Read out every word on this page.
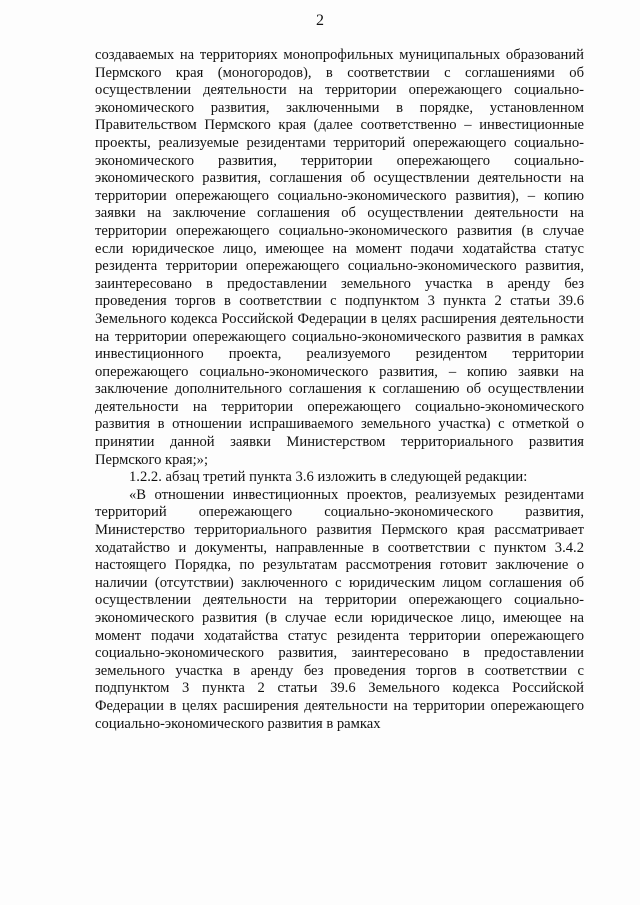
2

создаваемых на территориях монопрофильных муниципальных образований Пермского края (моногородов), в соответствии с соглашениями об осуществлении деятельности на территории опережающего социально-экономического развития, заключенными в порядке, установленном Правительством Пермского края (далее соответственно – инвестиционные проекты, реализуемые резидентами территорий опережающего социально-экономического развития, территории опережающего социально-экономического развития, соглашения об осуществлении деятельности на территории опережающего социально-экономического развития), – копию заявки на заключение соглашения об осуществлении деятельности на территории опережающего социально-экономического развития (в случае если юридическое лицо, имеющее на момент подачи ходатайства статус резидента территории опережающего социально-экономического развития, заинтересовано в предоставлении земельного участка в аренду без проведения торгов в соответствии с подпунктом 3 пункта 2 статьи 39.6 Земельного кодекса Российской Федерации в целях расширения деятельности на территории опережающего социально-экономического развития в рамках инвестиционного проекта, реализуемого резидентом территории опережающего социально-экономического развития, – копию заявки на заключение дополнительного соглашения к соглашению об осуществлении деятельности на территории опережающего социально-экономического развития в отношении испрашиваемого земельного участка) с отметкой о принятии данной заявки Министерством территориального развития Пермского края;»;

1.2.2. абзац третий пункта 3.6 изложить в следующей редакции:

«В отношении инвестиционных проектов, реализуемых резидентами территорий опережающего социально-экономического развития, Министерство территориального развития Пермского края рассматривает ходатайство и документы, направленные в соответствии с пунктом 3.4.2 настоящего Порядка, по результатам рассмотрения готовит заключение о наличии (отсутствии) заключенного с юридическим лицом соглашения об осуществлении деятельности на территории опережающего социально-экономического развития (в случае если юридическое лицо, имеющее на момент подачи ходатайства статус резидента территории опережающего социально-экономического развития, заинтересовано в предоставлении земельного участка в аренду без проведения торгов в соответствии с подпунктом 3 пункта 2 статьи 39.6 Земельного кодекса Российской Федерации в целях расширения деятельности на территории опережающего социально-экономического развития в рамках
